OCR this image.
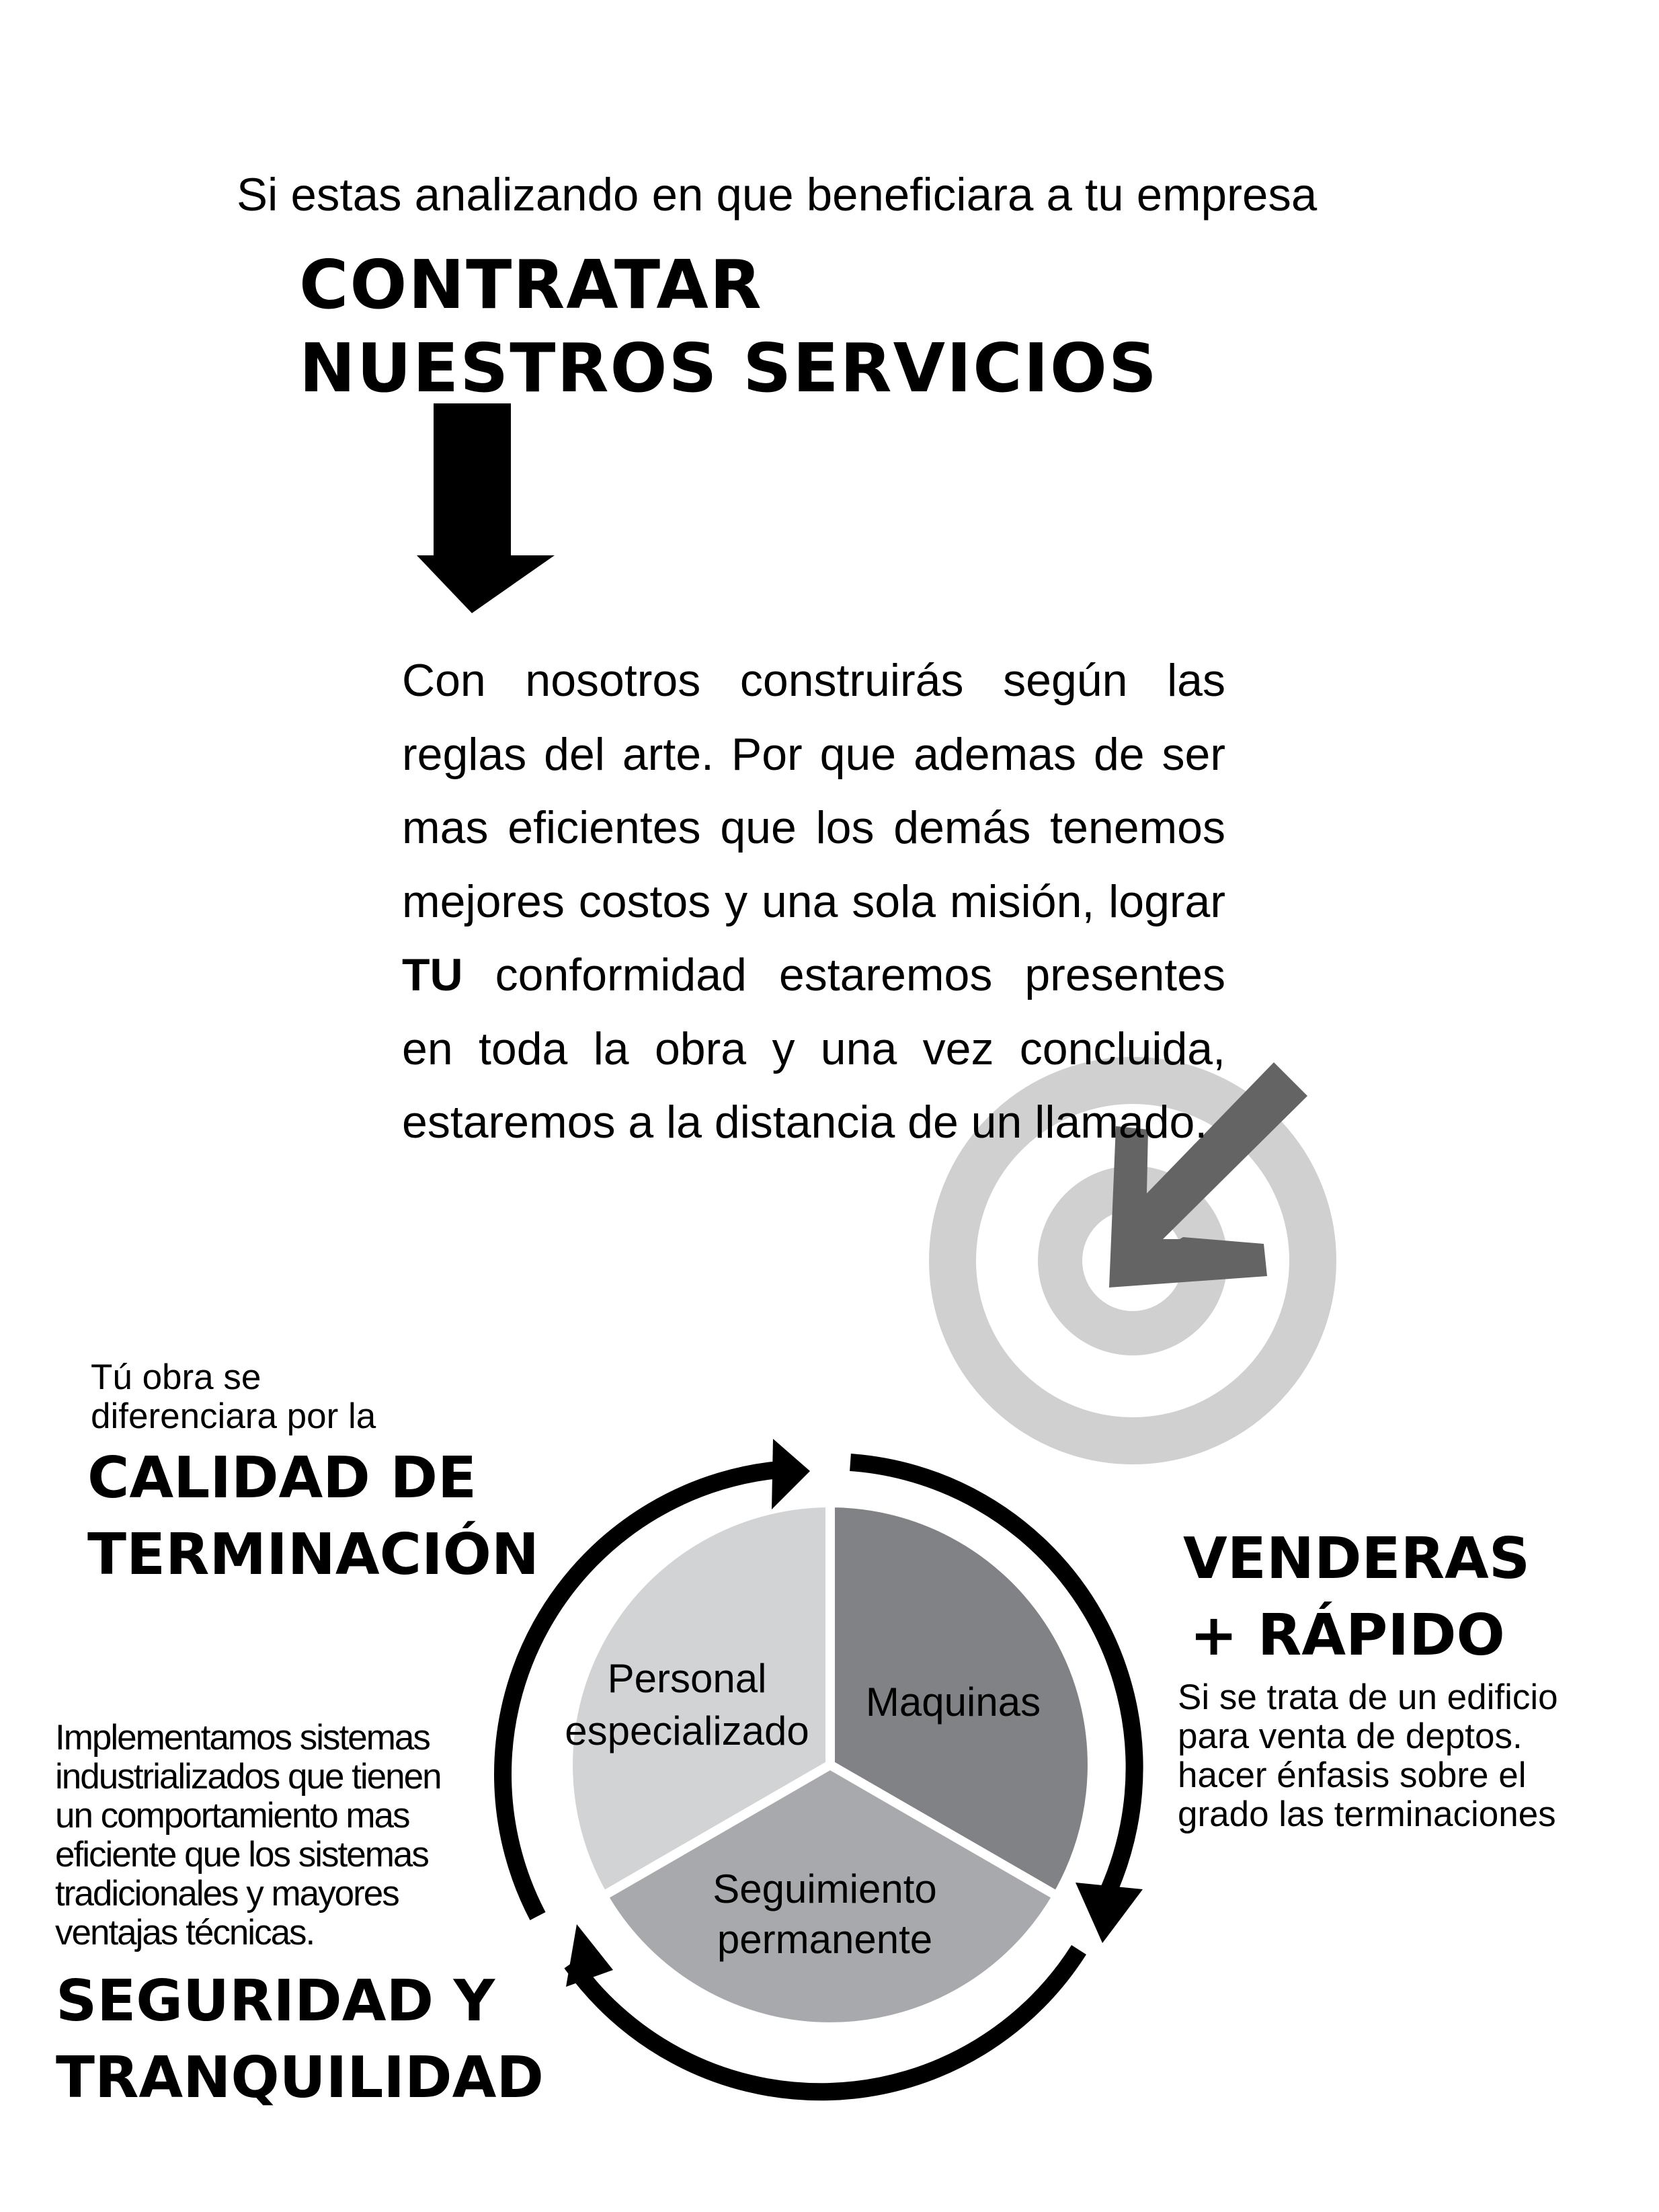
Si estas analizando en que beneficiara a tu empresa
CONTRATAR
NUESTROS SERVICIOS
Con nosotros construirás según las reglas del arte. Por que ademas de ser mas eficientes que los demás tenemos mejores costos y una sola misión, lograr TU conformidad estaremos presentes en toda la obra y una vez concluida, estaremos a la distancia de un llamado.
Tú obra se
diferenciara por la
CALIDAD DE
TERMINACIÓN	VENDERAS
+ RÁPIDO
Si se trata de un edificio
para venta de deptos.
hacer énfasis sobre el
grado las terminaciones
Implementamos sistemas
industrializados que tienen
un comportamiento mas
eficiente que los sistemas
tradicionales y mayores
ventajas técnicas.
SEGURIDAD Y
TRANQUILIDAD
Personal
especializado
Maquinas
Seguimiento
permanente
